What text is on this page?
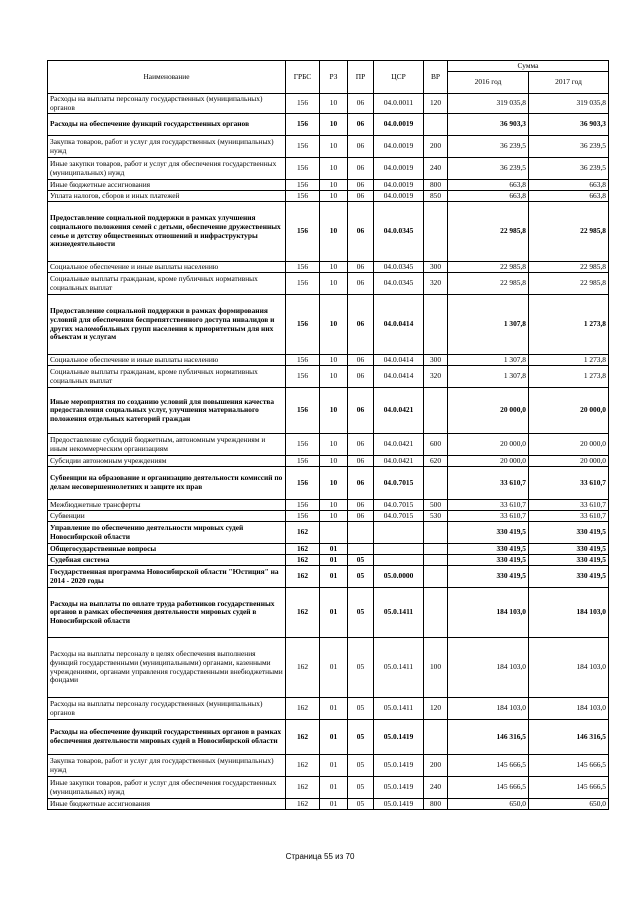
Наименование	ГРБС	РЗ	ПР	ЦСР	ВР	Сумма	
						2016 год	2017 год
Расходы на выплаты персоналу государственных (муниципальных) органов	156	10	06	04.0.0011	120	319 035,8	319 035,8
Расходы на обеспечение функций государственных органов	156	10	06	04.0.0019		36 903,3	36 903,3
Закупка товаров, работ и услуг для государственных (муниципальных) нужд	156	10	06	04.0.0019	200	36 239,5	36 239,5
Иные закупки товаров, работ и услуг для обеспечения государственных (муниципальных) нужд	156	10	06	04.0.0019	240	36 239,5	36 239,5
Иные бюджетные ассигнования	156	10	06	04.0.0019	800	663,8	663,8
Уплата налогов, сборов и иных платежей	156	10	06	04.0.0019	850	663,8	663,8
Предоставление социальной поддержки в рамках улучшения социального положения семей с детьми, обеспечение дружественных семье и детству общественных отношений и инфраструктуры жизнедеятельности	156	10	06	04.0.0345		22 985,8	22 985,8
Социальное обеспечение и иные выплаты населению	156	10	06	04.0.0345	300	22 985,8	22 985,8
Социальные выплаты гражданам, кроме публичных нормативных социальных выплат	156	10	06	04.0.0345	320	22 985,8	22 985,8
Предоставление социальной поддержки в рамках формирования условий для обеспечения беспрепятственного доступа инвалидов и других маломобильных групп населения к приоритетным для них объектам и услугам	156	10	06	04.0.0414		1 307,8	1 273,8
Социальное обеспечение и иные выплаты населению	156	10	06	04.0.0414	300	1 307,8	1 273,8
Социальные выплаты гражданам, кроме публичных нормативных социальных выплат	156	10	06	04.0.0414	320	1 307,8	1 273,8
Иные мероприятия по созданию условий для повышения качества предоставления социальных услуг, улучшения материального положения отдельных категорий граждан	156	10	06	04.0.0421		20 000,0	20 000,0
Предоставление субсидий бюджетным, автономным учреждениям и иным некоммерческим организациям	156	10	06	04.0.0421	600	20 000,0	20 000,0
Субсидии автономным учреждениям	156	10	06	04.0.0421	620	20 000,0	20 000,0
Субвенции на образование и организацию деятельности комиссий по делам несовершеннолетних и защите их прав	156	10	06	04.0.7015		33 610,7	33 610,7
Межбюджетные трансферты	156	10	06	04.0.7015	500	33 610,7	33 610,7
Субвенции	156	10	06	04.0.7015	530	33 610,7	33 610,7
Управление по обеспечению деятельности мировых судей Новосибирской области	162					330 419,5	330 419,5
Общегосударственные вопросы	162	01				330 419,5	330 419,5
Судебная система	162	01	05			330 419,5	330 419,5
Государственная программа Новосибирской области "Юстиция" на 2014 - 2020 годы	162	01	05	05.0.0000		330 419,5	330 419,5
Расходы на выплаты по оплате труда работников государственных органов в рамках обеспечения деятельности мировых судей в Новосибирской области	162	01	05	05.0.1411		184 103,0	184 103,0
Расходы на выплаты персоналу в целях обеспечения выполнения функций государственными (муниципальными) органами, казенными учреждениями, органами управления государственными внебюджетными фондами	162	01	05	05.0.1411	100	184 103,0	184 103,0
Расходы на выплаты персоналу государственных (муниципальных) органов	162	01	05	05.0.1411	120	184 103,0	184 103,0
Расходы на обеспечение функций государственных органов в рамках обеспечения деятельности мировых судей в Новосибирской области	162	01	05	05.0.1419		146 316,5	146 316,5
Закупка товаров, работ и услуг для государственных (муниципальных) нужд	162	01	05	05.0.1419	200	145 666,5	145 666,5
Иные закупки товаров, работ и услуг для обеспечения государственных (муниципальных) нужд	162	01	05	05.0.1419	240	145 666,5	145 666,5
Иные бюджетные ассигнования	162	01	05	05.0.1419	800	650,0	650,0
Страница 55 из 70
